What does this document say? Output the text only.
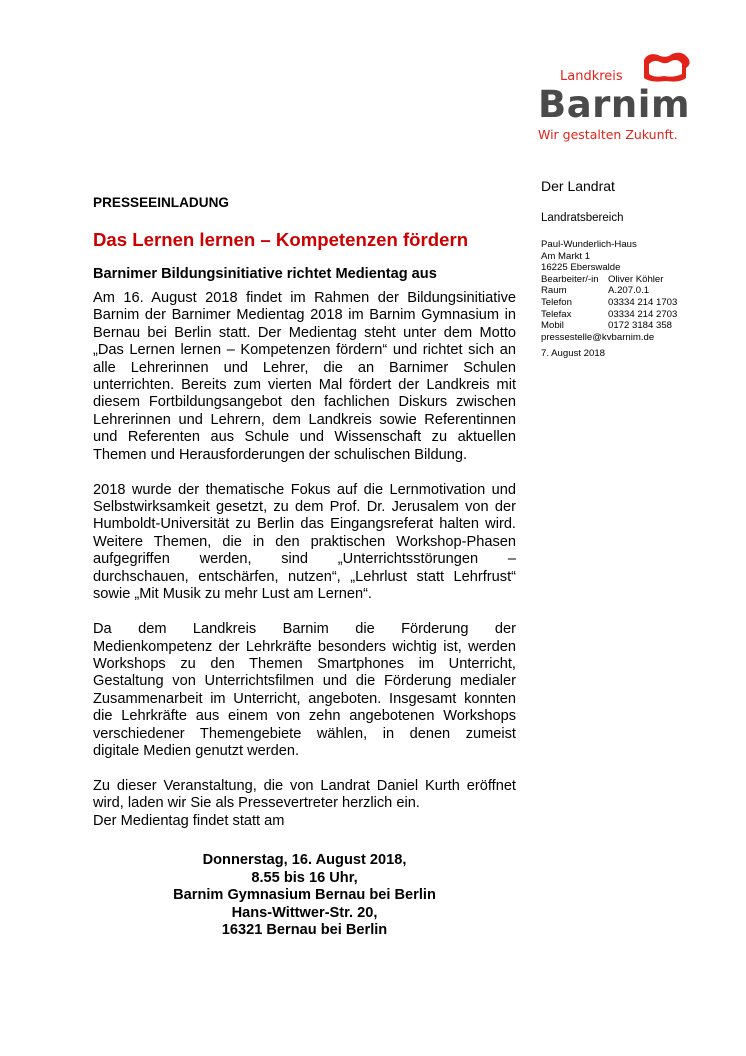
Landkreis
Barnim
Wir gestalten Zukunft.
Der Landrat
Landratsbereich
Paul-Wunderlich-Haus
Am Markt 1
16225 Eberswalde
Bearbeiter/-in Oliver Köhler
Raum	A.207.0.1
Telefon	03334 214 1703
Telefax	03334 214 2703
Mobil	0172 3184 358
pressestelle@kvbarnim.de
7. August 2018
PRESSEEINLADUNG
Das Lernen lernen – Kompetenzen fördern
Barnimer Bildungsinitiative richtet Medientag aus
Am 16. August 2018 findet im Rahmen der Bildungsinitiative
Barnim der Barnimer Medientag 2018 im Barnim Gymnasium in
Bernau bei Berlin statt. Der Medientag steht unter dem Motto
„Das Lernen lernen – Kompetenzen fördern“ und richtet sich an
alle Lehrerinnen und Lehrer, die an Barnimer Schulen
unterrichten. Bereits zum vierten Mal fördert der Landkreis mit
diesem Fortbildungsangebot den fachlichen Diskurs zwischen
Lehrerinnen und Lehrern, dem Landkreis sowie Referentinnen
und Referenten aus Schule und Wissenschaft zu aktuellen
Themen und Herausforderungen der schulischen Bildung.
2018 wurde der thematische Fokus auf die Lernmotivation und
Selbstwirksamkeit gesetzt, zu dem Prof. Dr. Jerusalem von der
Humboldt-Universität zu Berlin das Eingangsreferat halten wird.
Weitere Themen, die in den praktischen Workshop-Phasen
aufgegriffen werden, sind „Unterrichtsstörungen –
durchschauen, entschärfen, nutzen“, „Lehrlust statt Lehrfrust“
sowie „Mit Musik zu mehr Lust am Lernen“.
Da dem Landkreis Barnim die Förderung der
Medienkompetenz der Lehrkräfte besonders wichtig ist, werden
Workshops zu den Themen Smartphones im Unterricht,
Gestaltung von Unterrichtsfilmen und die Förderung medialer
Zusammenarbeit im Unterricht, angeboten. Insgesamt konnten
die Lehrkräfte aus einem von zehn angebotenen Workshops
verschiedener Themengebiete wählen, in denen zumeist
digitale Medien genutzt werden.
Zu dieser Veranstaltung, die von Landrat Daniel Kurth eröffnet
wird, laden wir Sie als Pressevertreter herzlich ein.
Der Medientag findet statt am
Donnerstag, 16. August 2018,
8.55 bis 16 Uhr,
Barnim Gymnasium Bernau bei Berlin
Hans-Wittwer-Str. 20,
16321 Bernau bei Berlin
